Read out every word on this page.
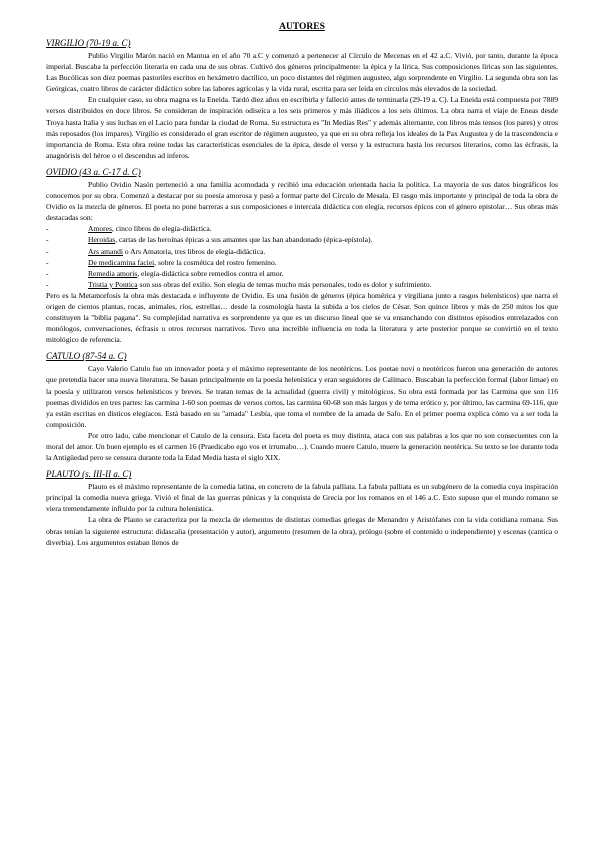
AUTORES
VIRGILIO (70-19 a. C)

Publio Virgilio Marón nació en Mantua en el año 70 a.C y comenzó a pertenecer al Círculo de Mecenas en el 42 a.C. Vivió, por tanto, durante la época imperial. Buscaba la perfección literaria en cada una de sus obras. Cultivó dos géneros principalmente: la épica y la lírica. Sus composiciones líricas son las siguientes. Las Bucólicas son diez poemas pastoriles escritos en hexámetro dactílico, un poco distantes del régimen augusteo, algo sorprendente en Virgilio. La segunda obra son las Geórgicas, cuatro libros de carácter didáctico sobre las labores agrícolas y la vida rural, escrita para ser leída en círculos más elevados de la sociedad.

En cualquier caso, su obra magna es la Eneida. Tardó diez años en escribirla y falleció antes de terminarla (29-19 a. C). La Eneida está compuesta por 7889 versos distribuidos en doce libros. Se consideran de inspiración odiseica a los seis primeros y más iliádicos a los seis últimos. La obra narra el viaje de Eneas desde Troya hasta Italia y sus luchas en el Lacio para fundar la ciudad de Roma. Su estructura es "In Medias Res" y además alternante, con libros más tensos (los pares) y otros más reposados (los impares). Virgilio es considerado el gran escritor de régimen augusteo, ya que en su obra refleja los ideales de la Pax Augustea y de la trascendencia e importancia de Roma. Esta obra reúne todas las características esenciales de la épica, desde el verso y la estructura hasta los recursos literarios, como las écfrasis, la anagnórisis del héroe o el descendus ad inferos.

OVIDIO (43 a. C-17 d. C)

Publio Ovidio Nasón perteneció a una familia acomodada y recibió una educación orientada hacia la política. La mayoría de sus datos biográficos los conocemos por su obra. Comenzó a destacar por su poesía amorosa y pasó a formar parte del Círculo de Mesala. El rasgo más importante y principal de toda la obra de Ovidio es la mezcla de géneros. El poeta no pone barreras a sus composiciones e intercala didáctica con elegía, recursos épicos con el género epistolar… Sus obras más destacadas son:

-	Amores, cinco libros de elegía-didáctica.
-	Heroidas, cartas de las heroínas épicas a sus amantes que las han abandonado (épica-epístola).
-	Ars amandi o Ars Amatoria, tres libros de elegía-didáctica.
-	De medicamina faciei, sobre la cosmética del rostro femenino.
-	Remedia amoris, elegía-didáctica sobre remedios contra el amor.
-	Tristia y Pontica son sus obras del exilio. Son elegía de temas mucho más personales, todo es dolor y sufrimiento.

Pero es la Metamorfosis la obra más destacada e influyente de Ovidio. Es una fusión de géneros (épica homérica y virgiliana junto a rasgos helenísticos) que narra el origen de cientos plantas, rocas, animales, ríos, estrellas… desde la cosmología hasta la subida a los cielos de César. Son quince libros y más de 250 mitos los que constituyen la "biblia pagana". Su complejidad narrativa es sorprendente ya que es un discurso lineal que se va ensanchando con distintos episodios entrelazados con monólogos, conversaciones, écfrasis u otros recursos narrativos. Tuvo una increíble influencia en toda la literatura y arte posterior porque se convirtió en el texto mitológico de referencia.

CATULO (87-54 a. C)

Cayo Valerio Catulo fue un innovador poeta y el máximo representante de los neotéricos. Los poetae novi o neotéricos fueron una generación de autores que pretendía hacer una nueva literatura. Se basan principalmente en la poesía helenística y eran seguidores de Calímaco. Buscaban la perfección formal (labor limae) en la poesía y utilizaron versos helenísticos y breves. Se tratan temas de la actualidad (guerra civil) y mitológicos. Su obra está formada por las Carmina que son 116 poemas divididos en tres partes: las carmina 1-60 son poemas de versos cortos, las carmina 60-68 son más largos y de tema erótico y, por último, las carmina 69-116, que ya están escritas en dísticos elegíacos. Está basado en su "amada" Lesbia, que toma el nombre de la amada de Safo. En el primer poema explica cómo va a ser toda la composición.

Por otro lado, cabe mencionar el Catulo de la censura. Esta faceta del poeta es muy distinta, ataca con sus palabras a los que no son consecuentes con la moral del amor. Un buen ejemplo es el carmen 16 (Praedicabo ego vos et irrumabo…). Cuando muere Catulo, muere la generación neotérica. Su texto se lee durante toda la Antigüedad pero se censura durante toda la Edad Media hasta el siglo XIX.

PLAUTO (s. III-II a. C)

Plauto es el máximo representante de la comedia latina, en concreto de la fabula palliata. La fabula palliata es un subgénero de la comedia cuya inspiración principal la comedia nueva griega. Vivió el final de las guerras púnicas y la conquista de Grecia por los romanos en el 146 a.C. Esto supuso que el mundo romano se viera tremendamente influido por la cultura helenística.

La obra de Plauto se caracteriza por la mezcla de elementos de distintas comedias griegas de Menandro y Aristófanes con la vida cotidiana romana. Sus obras tenían la siguiente estructura: didascalia (presentación y autor), argumento (resumen de la obra), prólogo (sobre el contenido o independiente) y escenas (cantica o diverbia). Los argumentos estaban llenos de
